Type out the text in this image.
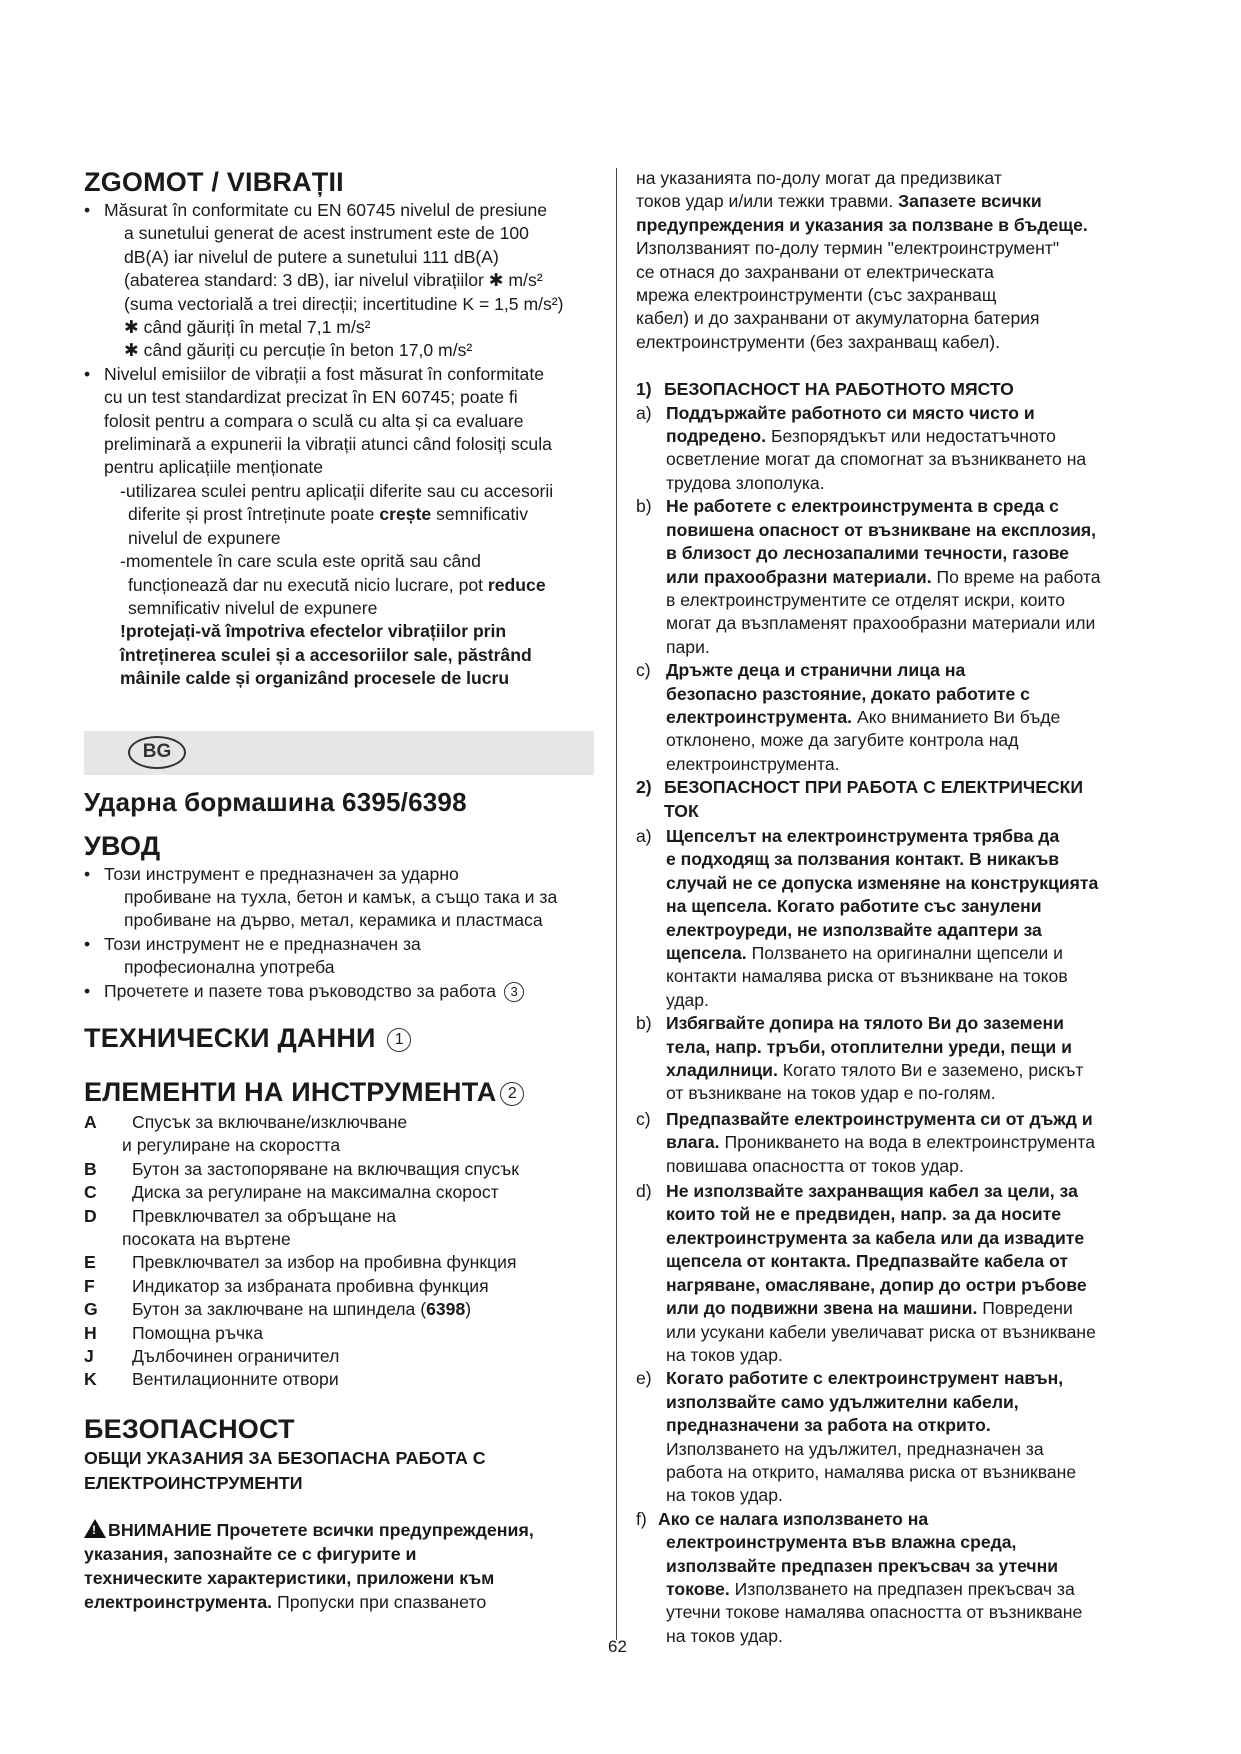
ZGOMOT / VIBRAȚII
• Măsurat în conformitate cu EN 60745 nivelul de presiune
a sunetului generat de acest instrument este de 100
dB(A) iar nivelul de putere a sunetului 111 dB(A)
(abaterea standard: 3 dB), iar nivelul vibrațiilor ✱ m/s²
(suma vectorială a trei direcții; incertitudine K = 1,5 m/s²)
✱ când găuriți în metal 7,1 m/s²
✱ când găuriți cu percuție în beton 17,0 m/s²
• Nivelul emisiilor de vibrații a fost măsurat în conformitate
cu un test standardizat precizat în EN 60745; poate fi
folosit pentru a compara o sculă cu alta și ca evaluare
preliminară a expunerii la vibrații atunci când folosiți scula
pentru aplicațiile menționate
-utilizarea sculei pentru aplicații diferite sau cu accesorii
diferite și prost întreținute poate crește semnificativ
nivelul de expunere
-momentele în care scula este oprită sau când
funcționează dar nu execută nicio lucrare, pot reduce
semnificativ nivelul de expunere
!protejați-vă împotriva efectelor vibrațiilor prin
întreținerea sculei și a accesoriilor sale, păstrând
mâinile calde și organizând procesele de lucru
BG
Ударна бормашина 6395/6398
УВОД
• Този инструмент е предназначен за ударно
пробиване на тухла, бетон и камък, а също така и за
пробиване на дърво, метал, керамика и пластмаса
• Този инструмент не е предназначен за
професионална употреба
• Прочетете и пазете това ръководство за работа 3
ТЕХНИЧЕСКИ ДАННИ 1
ЕЛЕМЕНТИ НА ИНСТРУМЕНТА 2
A	Спусък за включване/изключване
и регулиране на скоростта
B	Бутон за застопоряване на включващия спусък
C	Диска за регулиране на максимална скорост
D	Превключвател за обръщане на
посоката на въртене
E	Превключвател за избор на пробивна функция
F	Индикатор за избраната пробивна функция
G	Бутон за заключване на шпиндела (6398)
H	Помощна ръчка
J	Дълбочинен ограничител
K	Вентилационните отвори
БЕЗОПАСНОСТ
ОБЩИ УКАЗАНИЯ ЗА БЕЗОПАСНА РАБОТА С
ЕЛЕКТРОИНСТРУМЕНТИ
! ВНИМАНИЕ Прочетете всички предупреждения,
указания, запознайте се с фигурите и
техническите характеристики, приложени към
електроинструмента. Пропуски при спазването
на указанията по-долу могат да предизвикат
токов удар и/или тежки травми. Запазете всички
предупреждения и указания за ползване в бъдеще.
Използваният по-долу термин "електроинструмент"
се отнася до захранвани от електрическата
мрежа електроинструменти (със захранващ
кабел) и до захранвани от акумулаторна батерия
електроинструменти (без захранващ кабел).
1) БЕЗОПАСНОСТ НА РАБОТНОТО МЯСТО
a) Поддържайте работното си място чисто и
подредено. Безпорядъкът или недостатъчното
осветление могат да спомогнат за възникването на
трудова злополука.
b) Не работете с електроинструмента в среда с
повишена опасност от възникване на експлозия,
в близост до леснозапалими течности, газове
или прахообразни материали. По време на работа
в електроинструментите се отделят искри, които
могат да възпламенят прахообразни материали или
пари.
c) Дръжте деца и странични лица на
безопасно разстояние, докато работите с
електроинструмента. Ако вниманието Ви бъде
отклонено, може да загубите контрола над
електроинструмента.
2) БЕЗОПАСНОСТ ПРИ РАБОТА С ЕЛЕКТРИЧЕСКИ
ТОК
a) Щепселът на електроинструмента трябва да
е подходящ за ползвания контакт. В никакъв
случай не се допуска изменяне на конструкцията
на щепсела. Когато работите със занулени
електроуреди, не използвайте адаптери за
щепсела. Ползването на оригинални щепсели и
контакти намалява риска от възникване на токов
удар.
b) Избягвайте допира на тялото Ви до заземени
тела, напр. тръби, отоплителни уреди, пещи и
хладилници. Когато тялото Ви е заземено, рискът
от възникване на токов удар е по-голям.
c) Предпазвайте електроинструмента си от дъжд и
влага. Проникването на вода в електроинструмента
повишава опасността от токов удар.
d) Не използвайте захранващия кабел за цели, за
които той не е предвиден, напр. за да носите
електроинструмента за кабела или да извадите
щепсела от контакта. Предпазвайте кабела от
нагряване, омасляване, допир до остри ръбове
или до подвижни звена на машини. Повредени
или усукани кабели увеличават риска от възникване
на токов удар.
e) Когато работите с електроинструмент навън,
използвайте само удължителни кабели,
предназначени за работа на открито.
Използването на удължител, предназначен за
работа на открито, намалява риска от възникване
на токов удар.
f) Ако се налага използването на
електроинструмента във влажна среда,
използвайте предпазен прекъсвач за утечни
токове. Използването на предпазен прекъсвач за
утечни токове намалява опасността от възникване
на токов удар.
62
